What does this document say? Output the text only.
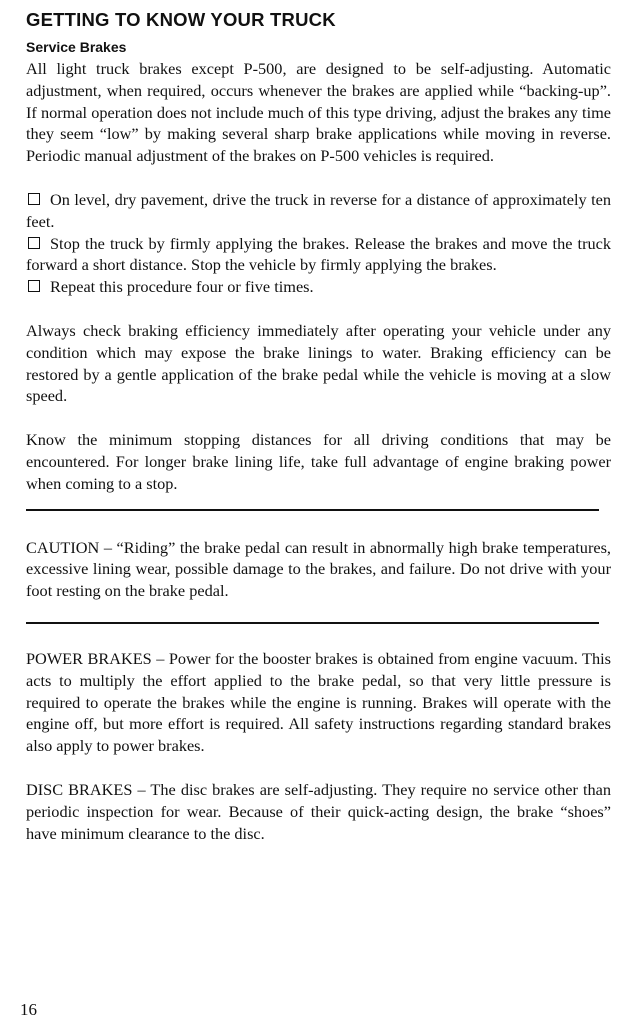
GETTING TO KNOW YOUR TRUCK
Service Brakes

All light truck brakes except P-500, are designed to be self-adjusting. Automatic adjustment, when required, occurs whenever the brakes are applied while “backing-up”. If normal operation does not include much of this type driving, adjust the brakes any time they seem “low” by making several sharp brake applications while moving in reverse. Periodic manual adjustment of the brakes on P-500 vehicles is required.

On level, dry pavement, drive the truck in reverse for a distance of approximately ten feet.
Stop the truck by firmly applying the brakes. Release the brakes and move the truck forward a short distance. Stop the vehicle by firmly applying the brakes.
Repeat this procedure four or five times.

Always check braking efficiency immediately after operating your vehicle under any condition which may expose the brake linings to water. Braking efficiency can be restored by a gentle application of the brake pedal while the vehicle is moving at a slow speed.

Know the minimum stopping distances for all driving conditions that may be encountered. For longer brake lining life, take full advantage of engine braking power when coming to a stop.

CAUTION – “Riding” the brake pedal can result in abnormally high brake temperatures, excessive lining wear, possible damage to the brakes, and failure. Do not drive with your foot resting on the brake pedal.

POWER BRAKES – Power for the booster brakes is obtained from engine vacuum. This acts to multiply the effort applied to the brake pedal, so that very little pressure is required to operate the brakes while the engine is running. Brakes will operate with the engine off, but more effort is required. All safety instructions regarding standard brakes also apply to power brakes.

DISC BRAKES – The disc brakes are self-adjusting. They require no service other than periodic inspection for wear. Because of their quick-acting design, the brake “shoes” have minimum clearance to the disc.

16
